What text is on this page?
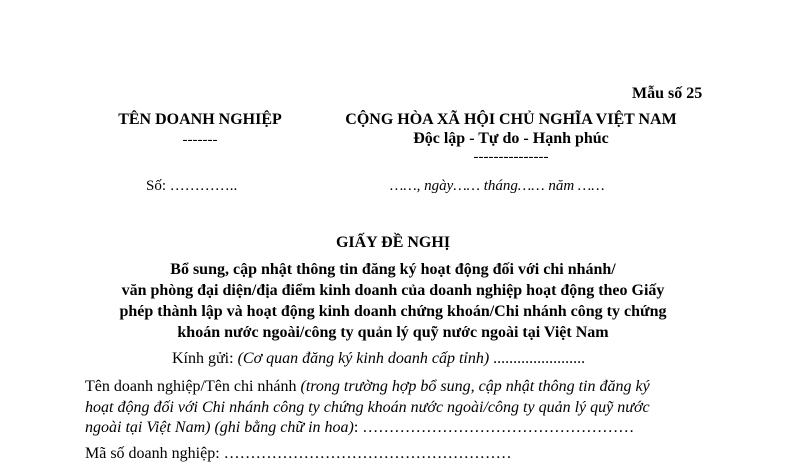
Mẫu số 25
TÊN DOANH NGHIỆP
-------
Số: …………..
CỘNG HÒA XÃ HỘI CHỦ NGHĨA VIỆT NAM
Độc lập - Tự do - Hạnh phúc
---------------
……, ngày…… tháng…… năm ……
GIẤY ĐỀ NGHỊ
Bổ sung, cập nhật thông tin đăng ký hoạt động đối với chi nhánh/
văn phòng đại diện/địa điểm kinh doanh của doanh nghiệp hoạt động theo Giấy
phép thành lập và hoạt động kinh doanh chứng khoán/Chi nhánh công ty chứng
khoán nước ngoài/công ty quản lý quỹ nước ngoài tại Việt Nam
Kính gửi: (Cơ quan đăng ký kinh doanh cấp tỉnh) .......................
Tên doanh nghiệp/Tên chi nhánh (trong trường hợp bổ sung, cập nhật thông tin đăng ký
hoạt động đối với Chi nhánh công ty chứng khoán nước ngoài/công ty quản lý quỹ nước
ngoài tại Việt Nam) (ghi bằng chữ in hoa): ……………………………………………
Mã số doanh nghiệp: ………………………………………………
